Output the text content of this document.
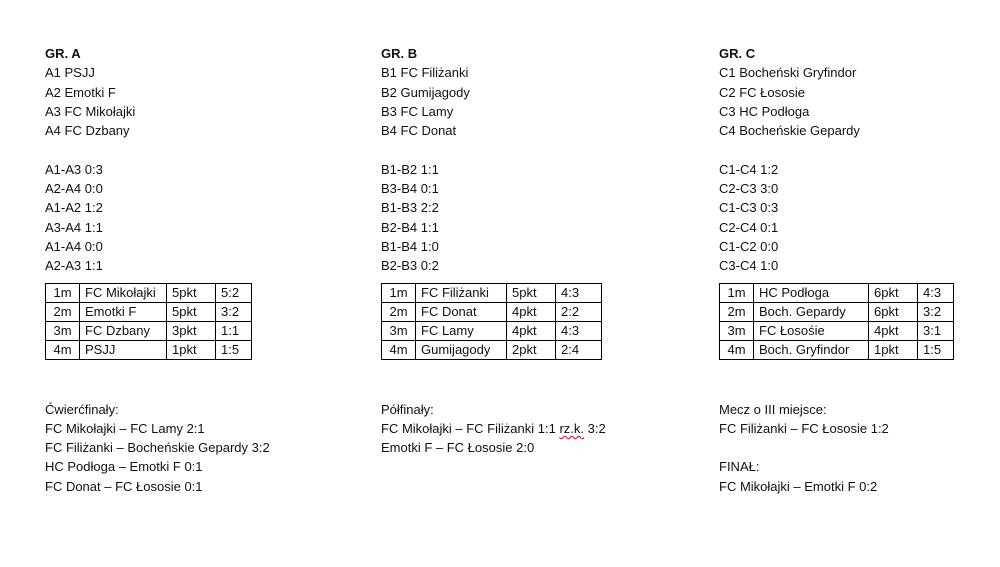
GR. A
A1 PSJJ
A2 Emotki F
A3 FC Mikołajki
A4 FC Dzbany
A1-A3 0:3
A2-A4 0:0
A1-A2 1:2
A3-A4 1:1
A1-A4 0:0
A2-A3 1:1
1m	FC Mikołajki	5pkt	5:2
2m	Emotki F	5pkt	3:2
3m	FC Dzbany	3pkt	1:1
4m	PSJJ	1pkt	1:5
Ćwierćfinały:
FC Mikołajki – FC Lamy 2:1
FC Filiżanki – Bocheńskie Gepardy 3:2
HC Podłoga – Emotki F 0:1
FC Donat – FC Łososie 0:1
GR. B
B1 FC Filiżanki
B2 Gumijagody
B3 FC Lamy
B4 FC Donat
B1-B2 1:1
B3-B4 0:1
B1-B3 2:2
B2-B4 1:1
B1-B4 1:0
B2-B3 0:2
1m	FC Filiżanki	5pkt	4:3
2m	FC Donat	4pkt	2:2
3m	FC Lamy	4pkt	4:3
4m	Gumijagody	2pkt	2:4
Półfinały:
FC Mikołajki – FC Filiżanki 1:1 rz.k. 3:2
Emotki F – FC Łososie 2:0
GR. C
C1 Bocheński Gryfindor
C2 FC Łososie
C3 HC Podłoga
C4 Bocheńskie Gepardy
C1-C4 1:2
C2-C3 3:0
C1-C3 0:3
C2-C4 0:1
C1-C2 0:0
C3-C4 1:0
1m	HC Podłoga	6pkt	4:3
2m	Boch. Gepardy	6pkt	3:2
3m	FC Łosośie	4pkt	3:1
4m	Boch. Gryfindor	1pkt	1:5
Mecz o III miejsce:
FC Filiżanki – FC Łososie 1:2
FINAŁ:
FC Mikołajki – Emotki F 0:2
